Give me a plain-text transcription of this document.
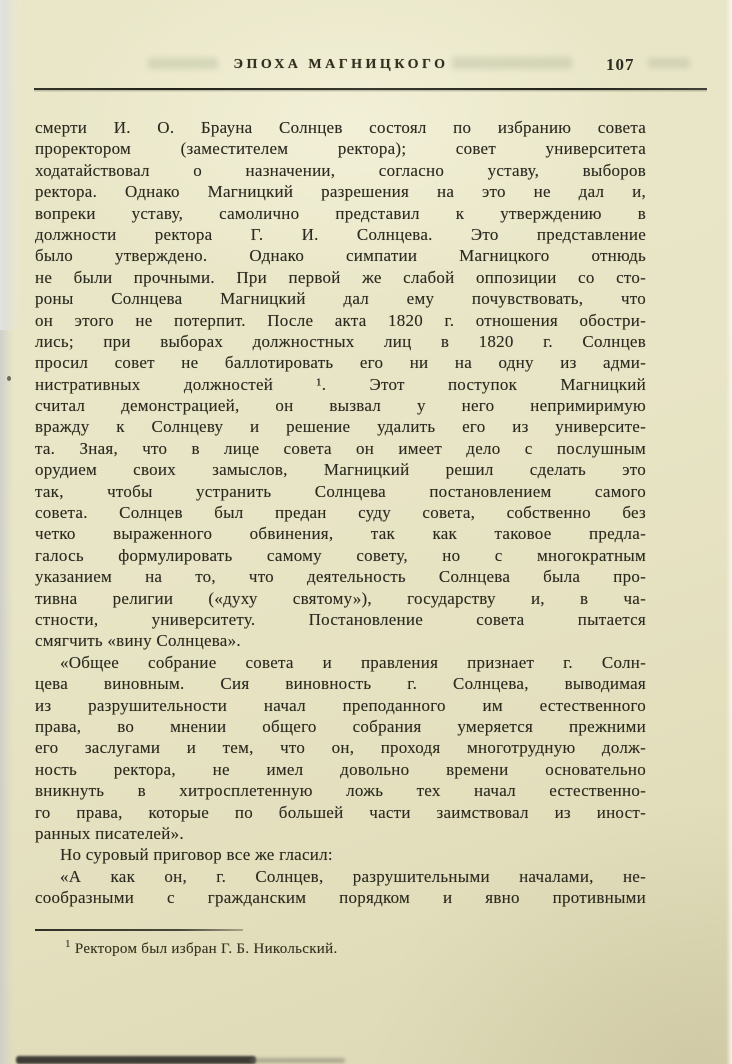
ЭПОХА МАГНИЦКОГО	107
смерти И. О. Брауна Солнцев состоял по избранию совета
проректором (заместителем ректора); совет университета
ходатайствовал о назначении, согласно уставу, выборов
ректора. Однако Магницкий разрешения на это не дал и,
вопреки уставу, самолично представил к утверждению в
должности ректора Г. И. Солнцева. Это представление
было утверждено. Однако симпатии Магницкого отнюдь
не были прочными. При первой же слабой оппозиции со сто-
роны Солнцева Магницкий дал ему почувствовать, что
он этого не потерпит. После акта 1820 г. отношения обостри-
лись; при выборах должностных лиц в 1820 г. Солнцев
просил совет не баллотировать его ни на одну из адми-
нистративных должностей ¹. Этот поступок Магницкий
считал демонстрацией, он вызвал у него непримиримую
вражду к Солнцеву и решение удалить его из университе-
та. Зная, что в лице совета он имеет дело с послушным
орудием своих замыслов, Магницкий решил сделать это
так, чтобы устранить Солнцева постановлением самого
совета. Солнцев был предан суду совета, собственно без
четко выраженного обвинения, так как таковое предла-
галось формулировать самому совету, но с многократным
указанием на то, что деятельность Солнцева была про-
тивна религии («духу святому»), государству и, в ча-
стности, университету. Постановление совета пытается
смягчить «вину Солнцева».
«Общее собрание совета и правления признает г. Солн-
цева виновным. Сия виновность г. Солнцева, выводимая
из разрушительности начал преподанного им естественного
права, во мнении общего собрания умеряется прежними
его заслугами и тем, что он, проходя многотрудную долж-
ность ректора, не имел довольно времени основательно
вникнуть в хитросплетенную ложь тех начал естественно-
го права, которые по большей части заимствовал из иност-
ранных писателей».
Но суровый приговор все же гласил:
«А как он, г. Солнцев, разрушительными началами, не-
сообразными с гражданским порядком и явно противными
$^1$ Ректором был избран Г. Б. Никольский.
